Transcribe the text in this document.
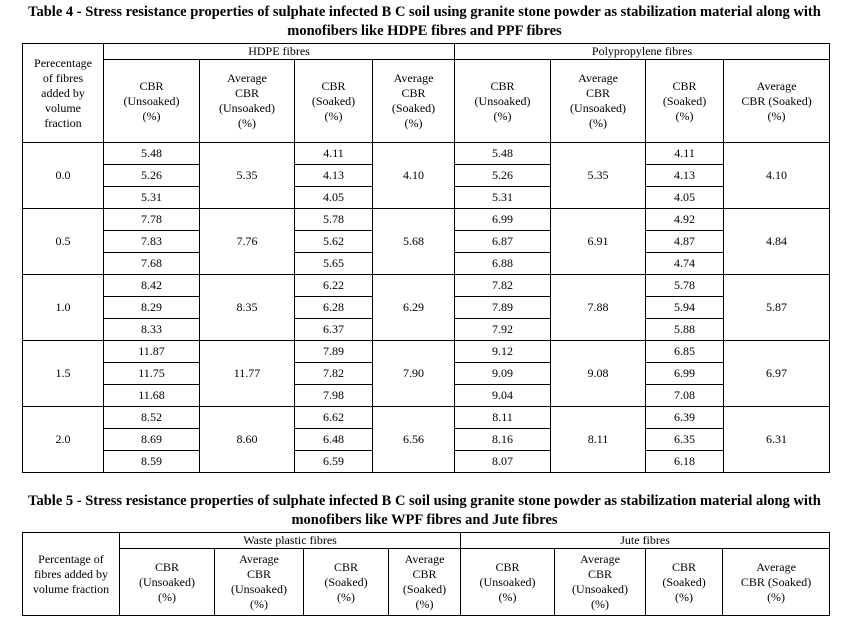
Table 4 - Stress resistance properties of sulphate infected B C soil using granite stone powder as stabilization material along with
monofibers like HDPE fibres and PPF fibres
Perecentage
of fibres
added by
volume
fraction	HDPE fibres				Polypropylene fibres			
	CBR
(Unsoaked)
(%)	Average
CBR
(Unsoaked)
(%)	CBR
(Soaked)
(%)	Average
CBR
(Soaked)
(%)	CBR
(Unsoaked)
(%)	Average
CBR
(Unsoaked)
(%)	CBR
(Soaked)
(%)	Average
CBR (Soaked)
(%)
0.0	5.48	5.35	4.11	4.10	5.48	5.35	4.11	4.10
	5.26		4.13		5.26		4.13	
	5.31		4.05		5.31		4.05	
0.5	7.78	7.76	5.78	5.68	6.99	6.91	4.92	4.84
	7.83		5.62		6.87		4.87	
	7.68		5.65		6.88		4.74	
1.0	8.42	8.35	6.22	6.29	7.82	7.88	5.78	5.87
	8.29		6.28		7.89		5.94	
	8.33		6.37		7.92		5.88	
1.5	11.87	11.77	7.89	7.90	9.12	9.08	6.85	6.97
	11.75		7.82		9.09		6.99	
	11.68		7.98		9.04		7.08	
2.0	8.52	8.60	6.62	6.56	8.11	8.11	6.39	6.31
	8.69		6.48		8.16		6.35	
	8.59		6.59		8.07		6.18	
Table 5 - Stress resistance properties of sulphate infected B C soil using granite stone powder as stabilization material along with
monofibers like WPF fibres and Jute fibres
Percentage of
fibres added by
volume fraction	Waste plastic fibres				Jute fibres			
	CBR
(Unsoaked)
(%)	Average
CBR
(Unsoaked)
(%)	CBR
(Soaked)
(%)	Average
CBR
(Soaked)
(%)	CBR
(Unsoaked)
(%)	Average
CBR
(Unsoaked)
(%)	CBR
(Soaked)
(%)	Average
CBR (Soaked)
(%)
